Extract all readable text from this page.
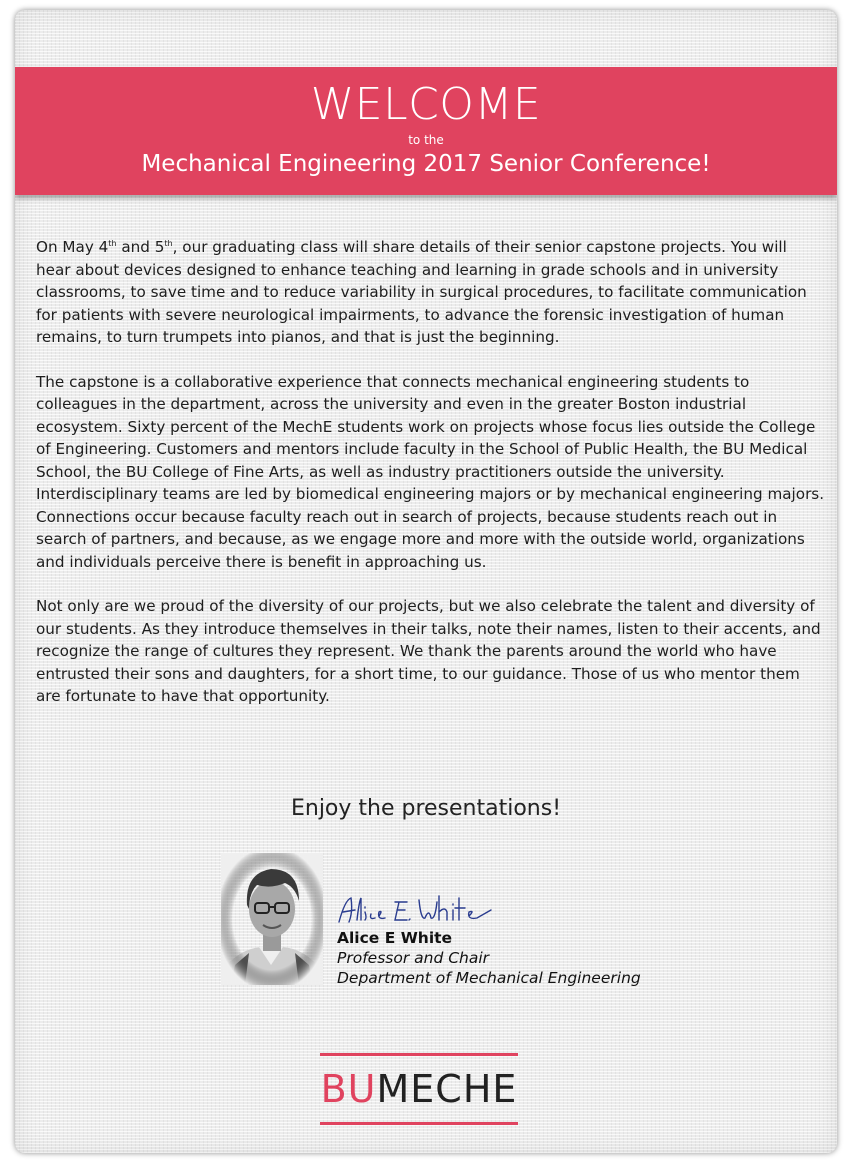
WELCOME
to the
Mechanical Engineering 2017 Senior Conference!

On May 4th and 5th, our graduating class will share details of their senior capstone projects. You will hear about devices designed to enhance teaching and learning in grade schools and in university classrooms, to save time and to reduce variability in surgical procedures, to facilitate communication for patients with severe neurological impairments, to advance the forensic investigation of human remains, to turn trumpets into pianos, and that is just the beginning.

The capstone is a collaborative experience that connects mechanical engineering students to colleagues in the department, across the university and even in the greater Boston industrial ecosystem. Sixty percent of the MechE students work on projects whose focus lies outside the College of Engineering. Customers and mentors include faculty in the School of Public Health, the BU Medical School, the BU College of Fine Arts, as well as industry practitioners outside the university. Interdisciplinary teams are led by biomedical engineering majors or by mechanical engineering majors. Connections occur because faculty reach out in search of projects, because students reach out in search of partners, and because, as we engage more and more with the outside world, organizations and individuals perceive there is benefit in approaching us.

Not only are we proud of the diversity of our projects, but we also celebrate the talent and diversity of our students. As they introduce themselves in their talks, note their names, listen to their accents, and recognize the range of cultures they represent. We thank the parents around the world who have entrusted their sons and daughters, for a short time, to our guidance. Those of us who mentor them are fortunate to have that opportunity.

Enjoy the presentations!
Alice E White
Professor and Chair
Department of Mechanical Engineering
BUMECHE
